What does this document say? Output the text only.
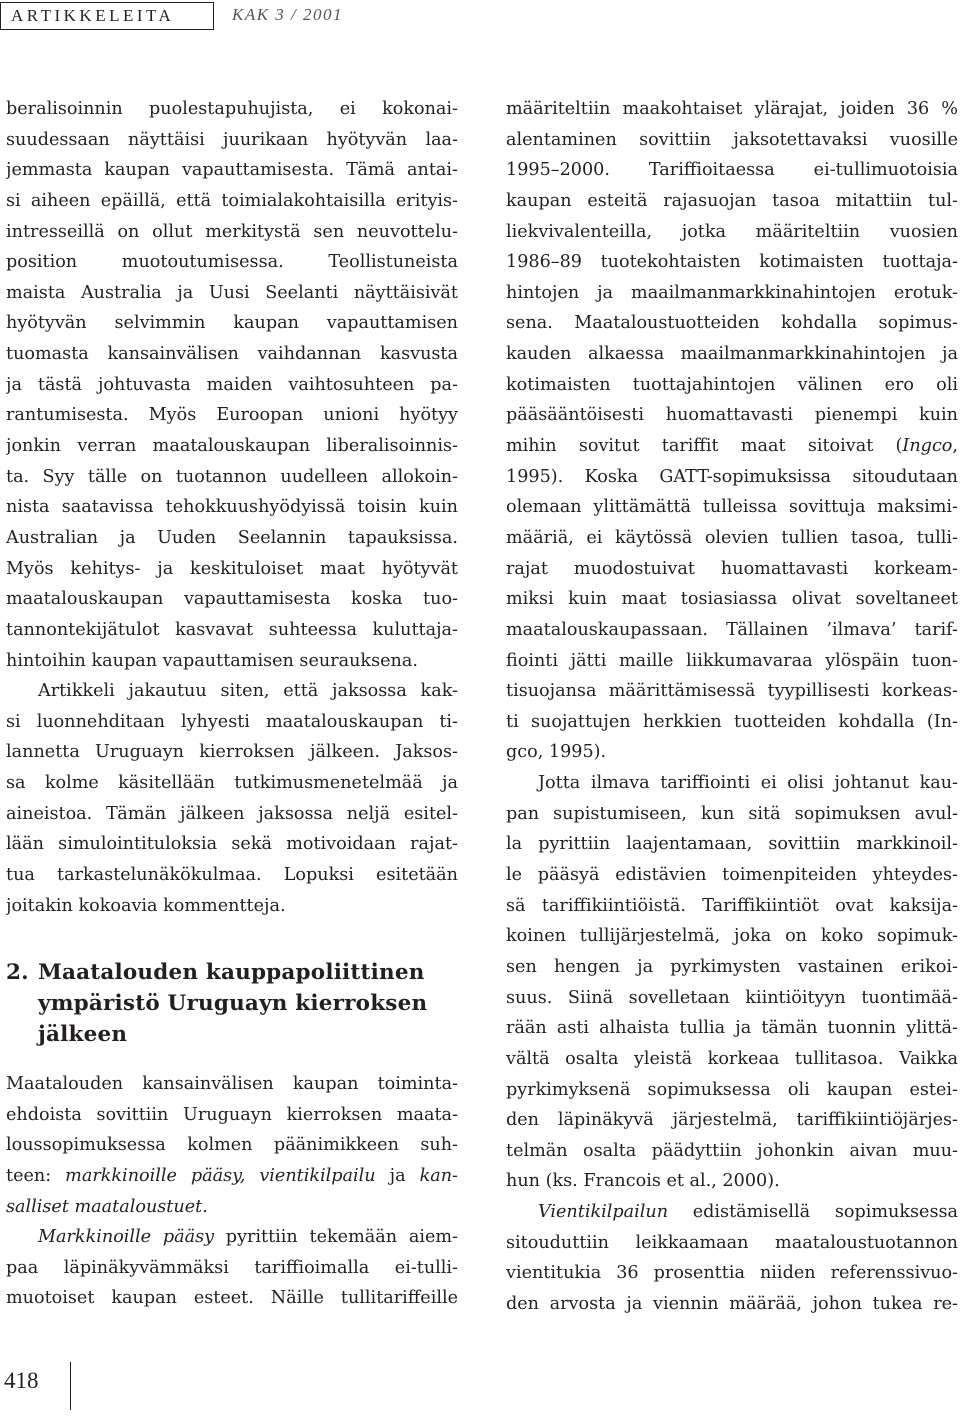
ARTIKKELEITA	KAK 3 / 2001
beralisoinnin puolestapuhujista, ei kokonai-
suudessaan näyttäisi juurikaan hyötyvän laa-
jemmasta kaupan vapauttamisesta. Tämä antai-
si aiheen epäillä, että toimialakohtaisilla erityis-
intresseillä on ollut merkitystä sen neuvottelu-
position muotoutumisessa. Teollistuneista
maista Australia ja Uusi Seelanti näyttäisivät
hyötyvän selvimmin kaupan vapauttamisen
tuomasta kansainvälisen vaihdannan kasvusta
ja tästä johtuvasta maiden vaihtosuhteen pa-
rantumisesta. Myös Euroopan unioni hyötyy
jonkin verran maatalouskaupan liberalisoinnis-
ta. Syy tälle on tuotannon uudelleen allokoin-
nista saatavissa tehokkuushyödyissä toisin kuin
Australian ja Uuden Seelannin tapauksissa.
Myös kehitys- ja keskituloiset maat hyötyvät
maatalouskaupan vapauttamisesta koska tuo-
tannontekijätulot kasvavat suhteessa kuluttaja-
hintoihin kaupan vapauttamisen seurauksena.
Artikkeli jakautuu siten, että jaksossa kak-
si luonnehditaan lyhyesti maatalouskaupan ti-
lannetta Uruguayn kierroksen jälkeen. Jaksos-
sa kolme käsitellään tutkimusmenetelmää ja
aineistoa. Tämän jälkeen jaksossa neljä esitel-
lään simulointituloksia sekä motivoidaan rajat-
tua tarkastelunäkökulmaa. Lopuksi esitetään
joitakin kokoavia kommentteja.
2. Maatalouden kauppapoliittinen
ympäristö Uruguayn kierroksen
jälkeen
Maatalouden kansainvälisen kaupan toiminta-
ehdoista sovittiin Uruguayn kierroksen maata-
loussopimuksessa kolmen päänimikkeen suh-
teen: markkinoille pääsy, vientikilpailu ja kan-
salliset maataloustuet.
Markkinoille pääsy pyrittiin tekemään aiem-
paa läpinäkyvämmäksi tariffioimalla ei-tulli-
muotoiset kaupan esteet. Näille tullitariffeille
määriteltiin maakohtaiset ylärajat, joiden 36 %
alentaminen sovittiin jaksotettavaksi vuosille
1995–2000. Tariffioitaessa ei-tullimuotoisia
kaupan esteitä rajasuojan tasoa mitattiin tul-
liekvivalenteilla, jotka määriteltiin vuosien
1986–89 tuotekohtaisten kotimaisten tuottaja-
hintojen ja maailmanmarkkinahintojen erotuk-
sena. Maataloustuotteiden kohdalla sopimus-
kauden alkaessa maailmanmarkkinahintojen ja
kotimaisten tuottajahintojen välinen ero oli
pääsääntöisesti huomattavasti pienempi kuin
mihin sovitut tariffit maat sitoivat (Ingco,
1995). Koska GATT-sopimuksissa sitoudutaan
olemaan ylittämättä tulleissa sovittuja maksimi-
määriä, ei käytössä olevien tullien tasoa, tulli-
rajat muodostuivat huomattavasti korkeam-
miksi kuin maat tosiasiassa olivat soveltaneet
maatalouskaupassaan. Tällainen ’ilmava’ tarif-
fiointi jätti maille liikkumavaraa ylöspäin tuon-
tisuojansa määrittämisessä tyypillisesti korkeas-
ti suojattujen herkkien tuotteiden kohdalla (In-
gco, 1995).
Jotta ilmava tariffiointi ei olisi johtanut kau-
pan supistumiseen, kun sitä sopimuksen avul-
la pyrittiin laajentamaan, sovittiin markkinoil-
le pääsyä edistävien toimenpiteiden yhteydes-
sä tariffikiintiöistä. Tariffikiintiöt ovat kaksija-
koinen tullijärjestelmä, joka on koko sopimuk-
sen hengen ja pyrkimysten vastainen erikoi-
suus. Siinä sovelletaan kiintiöityyn tuontimää-
rään asti alhaista tullia ja tämän tuonnin ylittä-
vältä osalta yleistä korkeaa tullitasoa. Vaikka
pyrkimyksenä sopimuksessa oli kaupan estei-
den läpinäkyvä järjestelmä, tariffikiintiöjärjes-
telmän osalta päädyttiin johonkin aivan muu-
hun (ks. Francois et al., 2000).
Vientikilpailun edistämisellä sopimuksessa
sitouduttiin leikkaamaan maataloustuotannon
vientitukia 36 prosenttia niiden referenssivuo-
den arvosta ja viennin määrää, johon tukea re-
418
